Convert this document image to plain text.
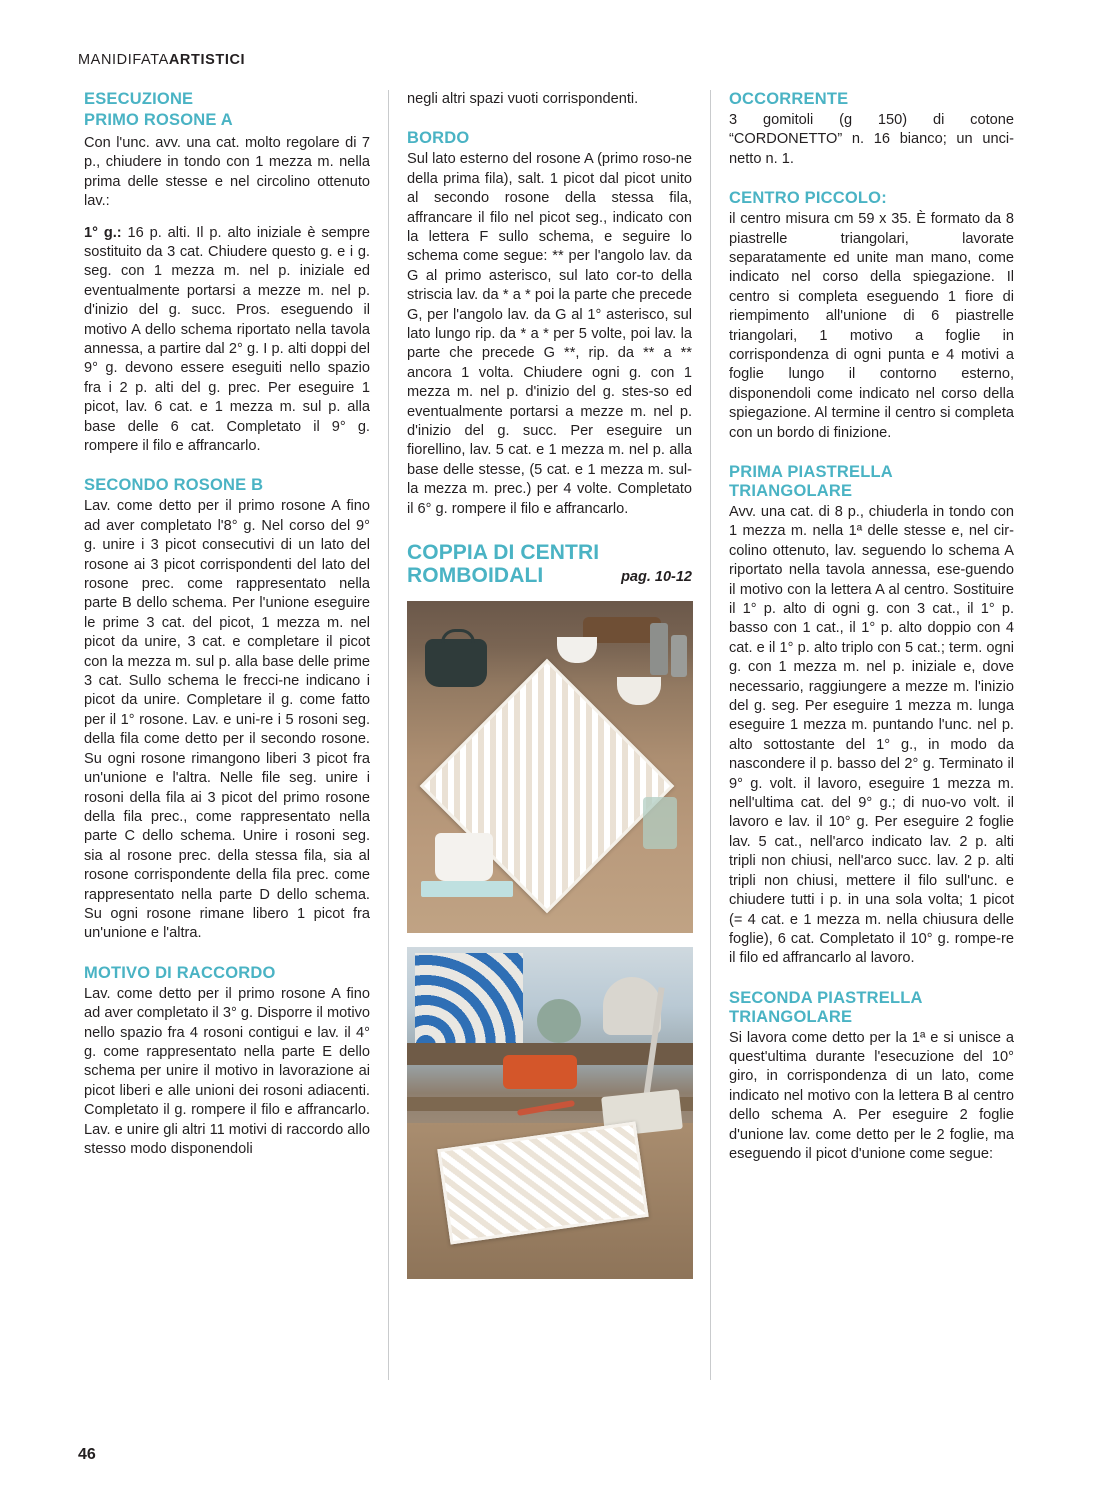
MANIDIFATAARTISTICI
ESECUZIONE
PRIMO ROSONE A

Con l'unc. avv. una cat. molto regolare di 7 p., chiudere in tondo con 1 mezza m. nella prima delle stesse e nel circolino ottenuto lav.:

1° g.: 16 p. alti. Il p. alto iniziale è sempre sostituito da 3 cat. Chiudere questo g. e i g. seg. con 1 mezza m. nel p. iniziale ed eventualmente portarsi a mezze m. nel p. d'inizio del g. succ. Pros. eseguendo il motivo A dello schema riportato nella tavola annessa, a partire dal 2° g. I p. alti doppi del 9° g. devono essere eseguiti nello spazio fra i 2 p. alti del g. prec. Per eseguire 1 picot, lav. 6 cat. e 1 mezza m. sul p. alla base delle 6 cat. Completato il 9° g. rompere il filo e affrancarlo.

SECONDO ROSONE B

Lav. come detto per il primo rosone A fino ad aver completato l'8° g. Nel corso del 9° g. unire i 3 picot consecutivi di un lato del rosone ai 3 picot corrispondenti del lato del rosone prec. come rappresentato nella parte B dello schema. Per l'unione eseguire le prime 3 cat. del picot, 1 mezza m. nel picot da unire, 3 cat. e completare il picot con la mezza m. sul p. alla base delle prime 3 cat. Sullo schema le frecci-ne indicano i picot da unire. Completare il g. come fatto per il 1° rosone. Lav. e uni-re i 5 rosoni seg. della fila come detto per il secondo rosone. Su ogni rosone rimangono liberi 3 picot fra un'unione e l'altra. Nelle file seg. unire i rosoni della fila ai 3 picot del primo rosone della fila prec., come rappresentato nella parte C dello schema. Unire i rosoni seg. sia al rosone prec. della stessa fila, sia al rosone corrispondente della fila prec. come rappresentato nella parte D dello schema. Su ogni rosone rimane libero 1 picot fra un'unione e l'altra.

MOTIVO DI RACCORDO

Lav. come detto per il primo rosone A fino ad aver completato il 3° g. Disporre il motivo nello spazio fra 4 rosoni contigui e lav. il 4° g. come rappresentato nella parte E dello schema per unire il motivo in lavorazione ai picot liberi e alle unioni dei rosoni adiacenti. Completato il g. rompere il filo e affrancarlo. Lav. e unire gli altri 11 motivi di raccordo allo stesso modo disponendoli

negli altri spazi vuoti corrispondenti.

BORDO

Sul lato esterno del rosone A (primo roso-ne della prima fila), salt. 1 picot dal picot unito al secondo rosone della stessa fila, affrancare il filo nel picot seg., indicato con la lettera F sullo schema, e seguire lo schema come segue: ** per l'angolo lav. da G al primo asterisco, sul lato cor-to della striscia lav. da * a * poi la parte che precede G, per l'angolo lav. da G al 1° asterisco, sul lato lungo rip. da * a * per 5 volte, poi lav. la parte che precede G **, rip. da ** a ** ancora 1 volta. Chiudere ogni g. con 1 mezza m. nel p. d'inizio del g. stes-so ed eventualmente portarsi a mezze m. nel p. d'inizio del g. succ. Per eseguire un fiorellino, lav. 5 cat. e 1 mezza m. nel p. alla base delle stesse, (5 cat. e 1 mezza m. sul-la mezza m. prec.) per 4 volte. Completato il 6° g. rompere il filo e affrancarlo.

COPPIA DI CENTRI
ROMBOIDALI	pag. 10-12
OCCORRENTE

3 gomitoli (g 150) di cotone “CORDONETTO” n. 16 bianco; un unci-netto n. 1.

CENTRO PICCOLO:

il centro misura cm 59 x 35. È formato da 8 piastrelle triangolari, lavorate separatamente ed unite man mano, come indicato nel corso della spiegazione. Il centro si completa eseguendo 1 fiore di riempimento all'unione di 6 piastrelle triangolari, 1 motivo a foglie in corrispondenza di ogni punta e 4 motivi a foglie lungo il contorno esterno, disponendoli come indicato nel corso della spiegazione. Al termine il centro si completa con un bordo di finizione.

PRIMA PIASTRELLA
TRIANGOLARE

Avv. una cat. di 8 p., chiuderla in tondo con 1 mezza m. nella 1ª delle stesse e, nel cir-colino ottenuto, lav. seguendo lo schema A riportato nella tavola annessa, ese-guendo il motivo con la lettera A al centro. Sostituire il 1° p. alto di ogni g. con 3 cat., il 1° p. basso con 1 cat., il 1° p. alto doppio con 4 cat. e il 1° p. alto triplo con 5 cat.; term. ogni g. con 1 mezza m. nel p. iniziale e, dove necessario, raggiungere a mezze m. l'inizio del g. seg. Per eseguire 1 mezza m. lunga eseguire 1 mezza m. puntando l'unc. nel p. alto sottostante del 1° g., in modo da nascondere il p. basso del 2° g. Terminato il 9° g. volt. il lavoro, eseguire 1 mezza m. nell'ultima cat. del 9° g.; di nuo-vo volt. il lavoro e lav. il 10° g. Per eseguire 2 foglie lav. 5 cat., nell'arco indicato lav. 2 p. alti tripli non chiusi, nell'arco succ. lav. 2 p. alti tripli non chiusi, mettere il filo sull'unc. e chiudere tutti i p. in una sola volta; 1 picot (= 4 cat. e 1 mezza m. nella chiusura delle foglie), 6 cat. Completato il 10° g. rompe-re il filo ed affrancarlo al lavoro.

SECONDA PIASTRELLA
TRIANGOLARE

Si lavora come detto per la 1ª e si unisce a quest'ultima durante l'esecuzione del 10° giro, in corrispondenza di un lato, come indicato nel motivo con la lettera B al centro dello schema A. Per eseguire 2 foglie d'unione lav. come detto per le 2 foglie, ma eseguendo il picot d'unione come segue:

46
